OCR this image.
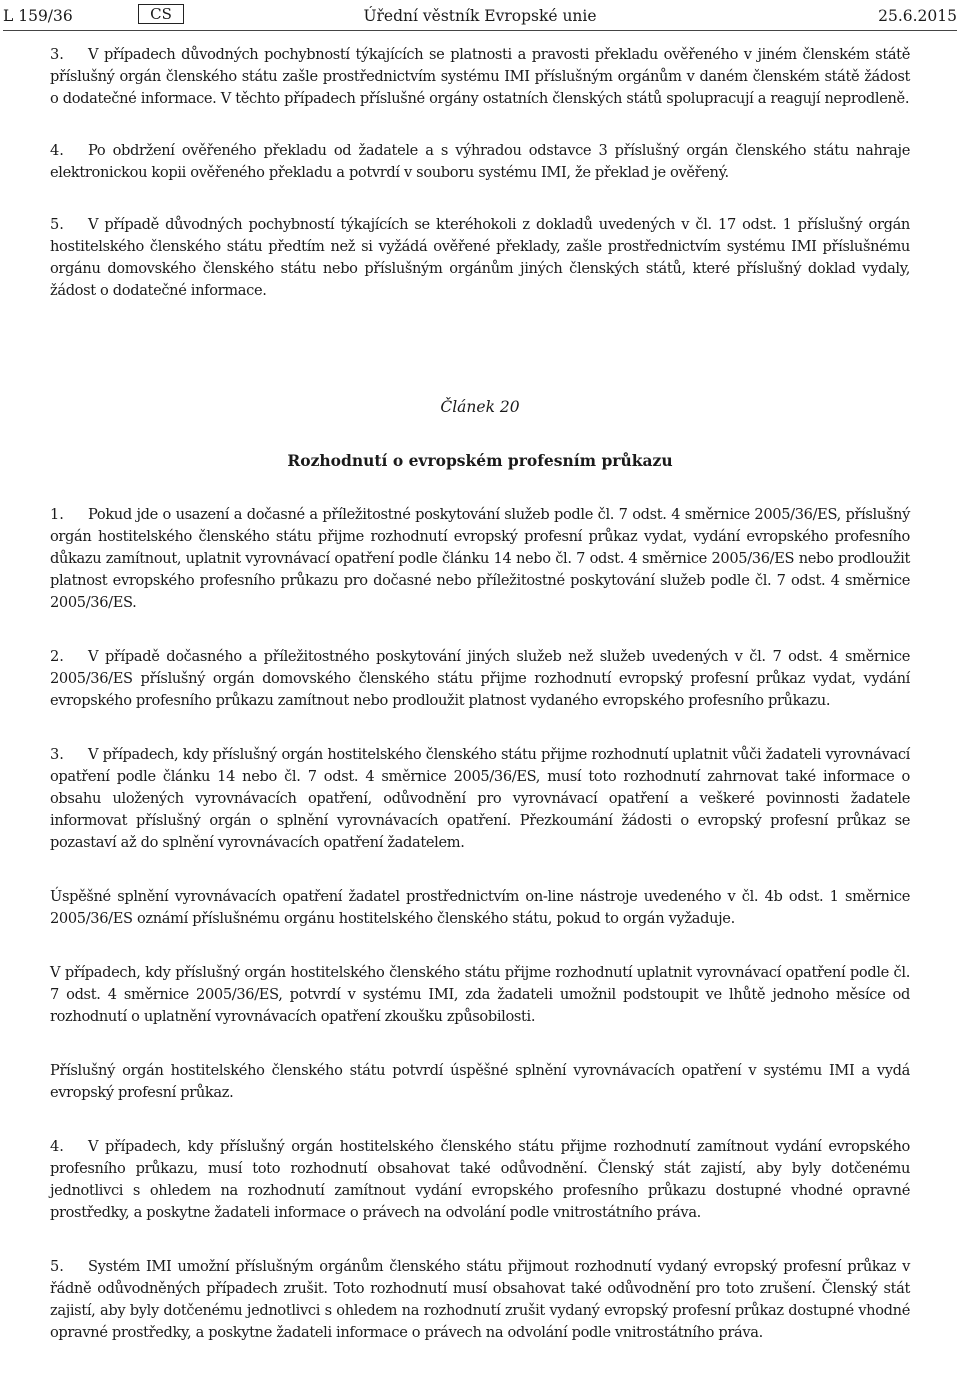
L 159/36	Úřední věstník Evropské unie
CS	25.6.2015

3. V případech důvodných pochybností týkajících se platnosti a pravosti překladu ověřeného v jiném členském státě příslušný orgán členského státu zašle prostřednictvím systému IMI příslušným orgánům v daném členském státě žádost o dodatečné informace. V těchto případech příslušné orgány ostatních členských států spolupracují a reagují neprodleně.

4. Po obdržení ověřeného překladu od žadatele a s výhradou odstavce 3 příslušný orgán členského státu nahraje elektronickou kopii ověřeného překladu a potvrdí v souboru systému IMI, že překlad je ověřený.

5. V případě důvodných pochybností týkajících se kteréhokoli z dokladů uvedených v čl. 17 odst. 1 příslušný orgán hostitelského členského státu předtím než si vyžádá ověřené překlady, zašle prostřednictvím systému IMI příslušnému orgánu domovského členského státu nebo příslušným orgánům jiných členských států, které příslušný doklad vydaly, žádost o dodatečné informace.

Článek 20

Rozhodnutí o evropském profesním průkazu

1. Pokud jde o usazení a dočasné a příležitostné poskytování služeb podle čl. 7 odst. 4 směrnice 2005/36/ES, příslušný orgán hostitelského členského státu přijme rozhodnutí evropský profesní průkaz vydat, vydání evropského profesního důkazu zamítnout, uplatnit vyrovnávací opatření podle článku 14 nebo čl. 7 odst. 4 směrnice 2005/36/ES nebo prodloužit platnost evropského profesního průkazu pro dočasné nebo příležitostné poskytování služeb podle čl. 7 odst. 4 směrnice 2005/36/ES.

2. V případě dočasného a příležitostného poskytování jiných služeb než služeb uvedených v čl. 7 odst. 4 směrnice 2005/36/ES příslušný orgán domovského členského státu přijme rozhodnutí evropský profesní průkaz vydat, vydání evropského profesního průkazu zamítnout nebo prodloužit platnost vydaného evropského profesního průkazu.

3. V případech, kdy příslušný orgán hostitelského členského státu přijme rozhodnutí uplatnit vůči žadateli vyrovnávací opatření podle článku 14 nebo čl. 7 odst. 4 směrnice 2005/36/ES, musí toto rozhodnutí zahrnovat také informace o obsahu uložených vyrovnávacích opatření, odůvodnění pro vyrovnávací opatření a veškeré povinnosti žadatele informovat příslušný orgán o splnění vyrovnávacích opatření. Přezkoumání žádosti o evropský profesní průkaz se pozastaví až do splnění vyrovnávacích opatření žadatelem.

Úspěšné splnění vyrovnávacích opatření žadatel prostřednictvím on-line nástroje uvedeného v čl. 4b odst. 1 směrnice 2005/36/ES oznámí příslušnému orgánu hostitelského členského státu, pokud to orgán vyžaduje.

V případech, kdy příslušný orgán hostitelského členského státu přijme rozhodnutí uplatnit vyrovnávací opatření podle čl. 7 odst. 4 směrnice 2005/36/ES, potvrdí v systému IMI, zda žadateli umožnil podstoupit ve lhůtě jednoho měsíce od rozhodnutí o uplatnění vyrovnávacích opatření zkoušku způsobilosti.

Příslušný orgán hostitelského členského státu potvrdí úspěšné splnění vyrovnávacích opatření v systému IMI a vydá evropský profesní průkaz.

4. V případech, kdy příslušný orgán hostitelského členského státu přijme rozhodnutí zamítnout vydání evropského profesního průkazu, musí toto rozhodnutí obsahovat také odůvodnění. Členský stát zajistí, aby byly dotčenému jednotlivci s ohledem na rozhodnutí zamítnout vydání evropského profesního průkazu dostupné vhodné opravné prostředky, a poskytne žadateli informace o právech na odvolání podle vnitrostátního práva.

5. Systém IMI umožní příslušným orgánům členského státu přijmout rozhodnutí vydaný evropský profesní průkaz v řádně odůvodněných případech zrušit. Toto rozhodnutí musí obsahovat také odůvodnění pro toto zrušení. Členský stát zajistí, aby byly dotčenému jednotlivci s ohledem na rozhodnutí zrušit vydaný evropský profesní průkaz dostupné vhodné opravné prostředky, a poskytne žadateli informace o právech na odvolání podle vnitrostátního práva.
